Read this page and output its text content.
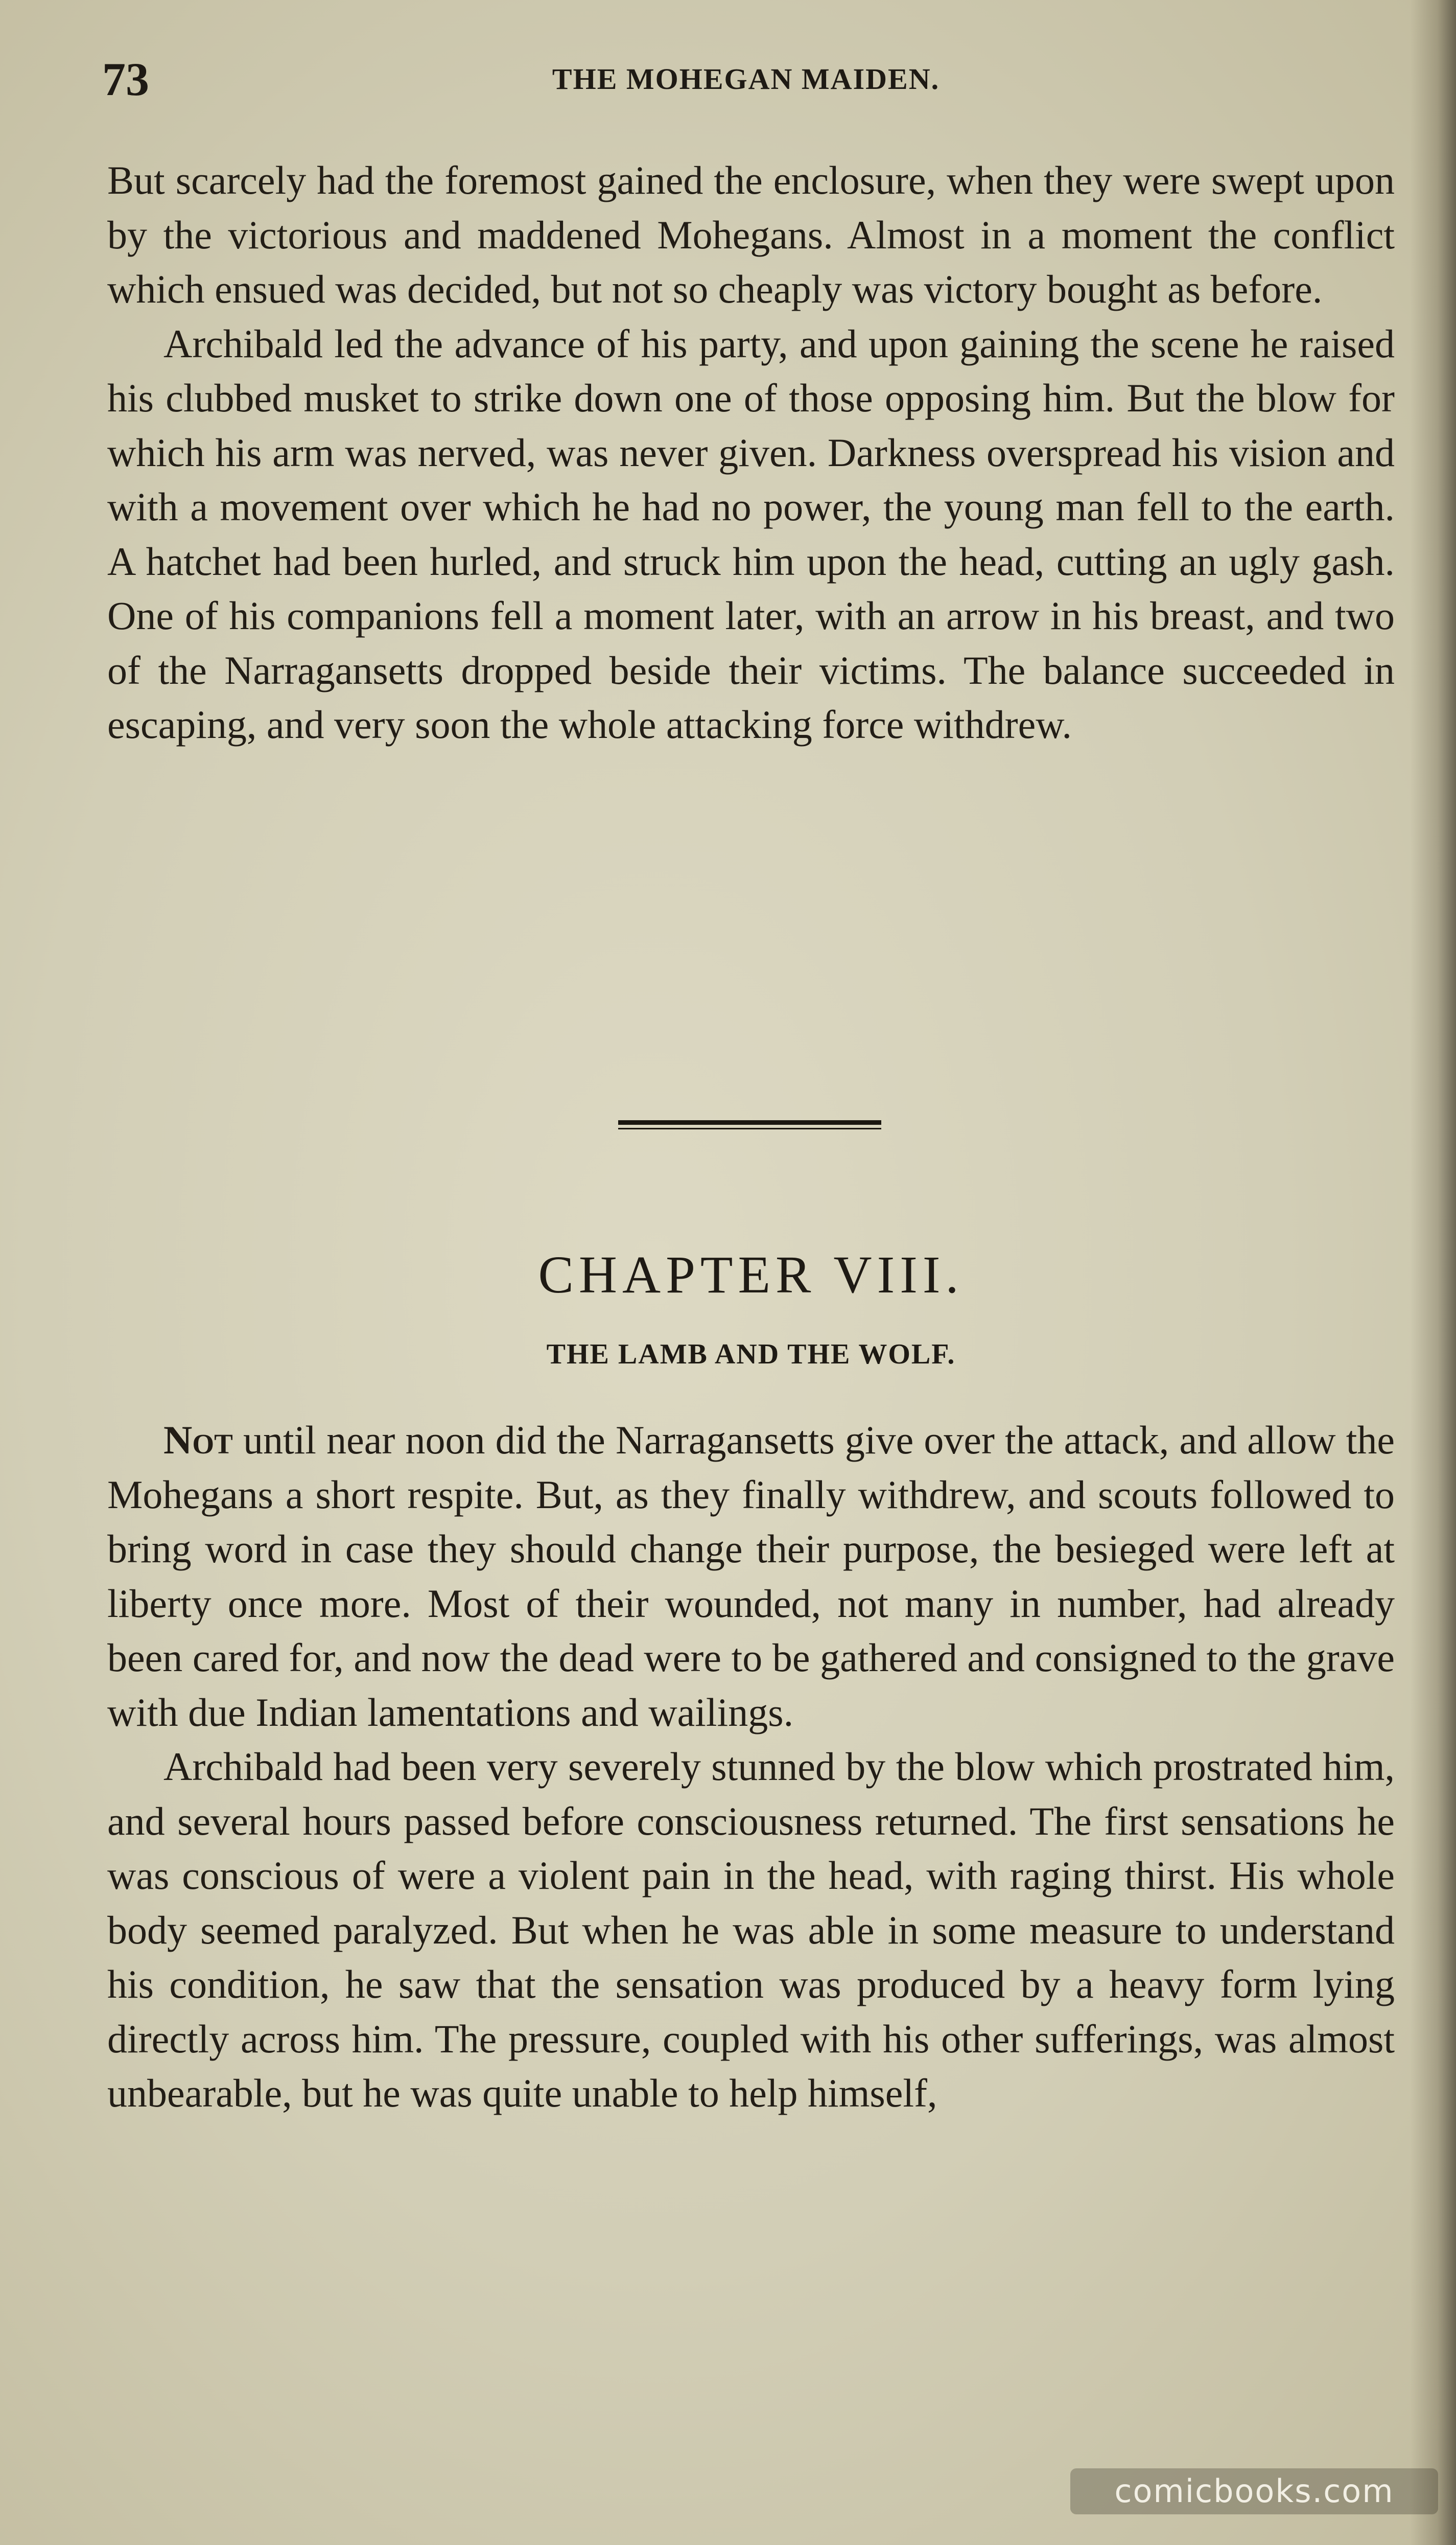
73	THE MOHEGAN MAIDEN.

But scarcely had the foremost gained the enclosure, when they were swept upon by the victorious and maddened Mohegans. Almost in a moment the conflict which ensued was decided, but not so cheaply was victory bought as before.

Archibald led the advance of his party, and upon gaining the scene he raised his clubbed musket to strike down one of those opposing him. But the blow for which his arm was nerved, was never given. Darkness overspread his vision and with a movement over which he had no power, the young man fell to the earth. A hatchet had been hurled, and struck him upon the head, cutting an ugly gash. One of his companions fell a moment later, with an arrow in his breast, and two of the Narragansetts dropped beside their victims. The balance succeeded in escaping, and very soon the whole attacking force withdrew.

CHAPTER VIII.
THE LAMB AND THE WOLF.

Not until near noon did the Narragansetts give over the attack, and allow the Mohegans a short respite. But, as they finally withdrew, and scouts followed to bring word in case they should change their purpose, the besieged were left at liberty once more. Most of their wounded, not many in number, had already been cared for, and now the dead were to be gathered and consigned to the grave with due Indian lamentations and wailings.

Archibald had been very severely stunned by the blow which prostrated him, and several hours passed before consciousness returned. The first sensations he was conscious of were a violent pain in the head, with raging thirst. His whole body seemed paralyzed. But when he was able in some measure to understand his condition, he saw that the sensation was produced by a heavy form lying directly across him. The pressure, coupled with his other sufferings, was almost unbearable, but he was quite unable to help himself,

comicbooks.com
